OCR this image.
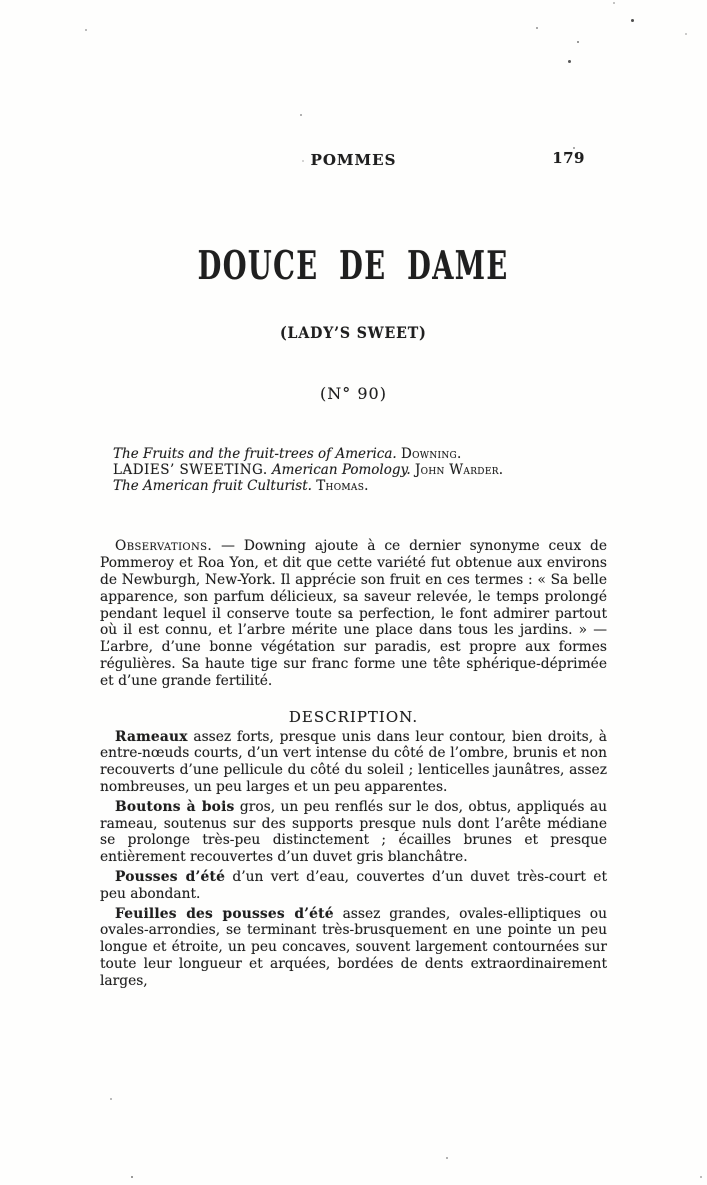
POMMES	179
DOUCE DE DAME
(LADY’S SWEET)
(N° 90)
The Fruits and the fruit-trees of America. Downing.
LADIES’ SWEETING. American Pomology. John Warder.
The American fruit Culturist. Thomas.

Observations. — Downing ajoute à ce dernier synonyme ceux de Pommeroy et Roa Yon, et dit que cette variété fut obtenue aux environs de Newburgh, New-York. Il apprécie son fruit en ces termes : « Sa belle apparence, son parfum délicieux, sa saveur relevée, le temps prolongé pendant lequel il conserve toute sa perfection, le font admirer partout où il est connu, et l’arbre mérite une place dans tous les jardins. » — L’arbre, d’une bonne végétation sur paradis, est propre aux formes régulières. Sa haute tige sur franc forme une tête sphérique-déprimée et d’une grande fertilité.

DESCRIPTION.

Rameaux assez forts, presque unis dans leur contour, bien droits, à entre-nœuds courts, d’un vert intense du côté de l’ombre, brunis et non recouverts d’une pellicule du côté du soleil ; lenticelles jaunâtres, assez nombreuses, un peu larges et un peu apparentes.

Boutons à bois gros, un peu renflés sur le dos, obtus, appliqués au rameau, soutenus sur des supports presque nuls dont l’arête médiane se prolonge très-peu distinctement ; écailles brunes et presque entièrement recouvertes d’un duvet gris blanchâtre.

Pousses d’été d’un vert d’eau, couvertes d’un duvet très-court et peu abondant.

Feuilles des pousses d’été assez grandes, ovales-elliptiques ou ovales-arrondies, se terminant très-brusquement en une pointe un peu longue et étroite, un peu concaves, souvent largement contournées sur toute leur longueur et arquées, bordées de dents extraordinairement larges,
